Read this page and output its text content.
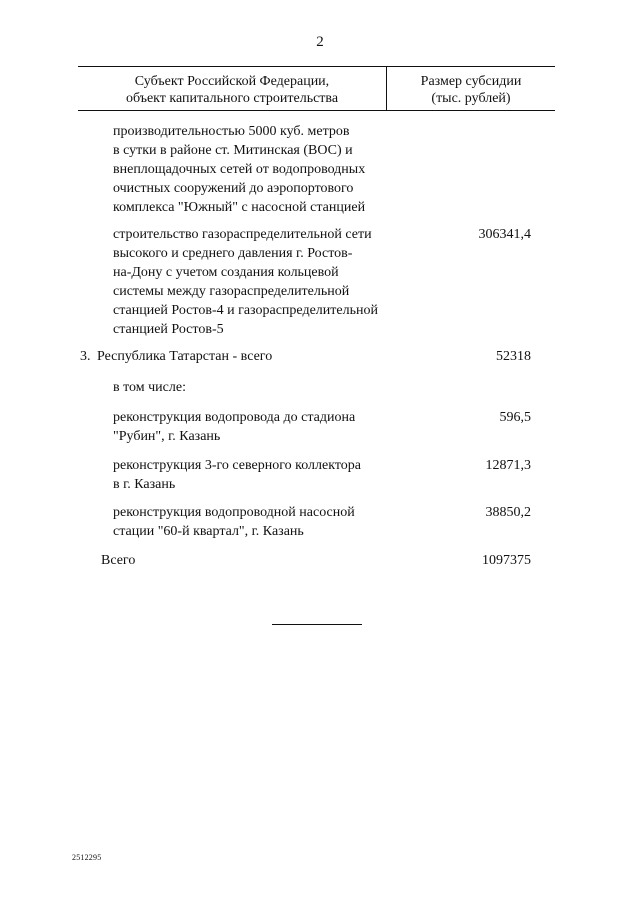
2
Субъект Российской Федерации,
объект капитального строительства
Размер субсидии
(тыс. рублей)
производительностью 5000 куб. метров
в сутки в районе ст. Митинская (ВОС) и
внеплощадочных сетей от водопроводных
очистных сооружений до аэропортового
комплекса "Южный" с насосной станцией
строительство газораспределительной сети
высокого и среднего давления г. Ростов-
на-Дону с учетом создания кольцевой
системы между газораспределительной
станцией Ростов-4 и газораспределительной
станцией Ростов-5
306341,4
3. Республика Татарстан - всего	52318
в том числе:
реконструкция водопровода до стадиона
"Рубин", г. Казань
596,5
реконструкция 3-го северного коллектора
в г. Казань
12871,3
реконструкция водопроводной насосной
стации "60-й квартал", г. Казань
38850,2
Всего	1097375
2512295
